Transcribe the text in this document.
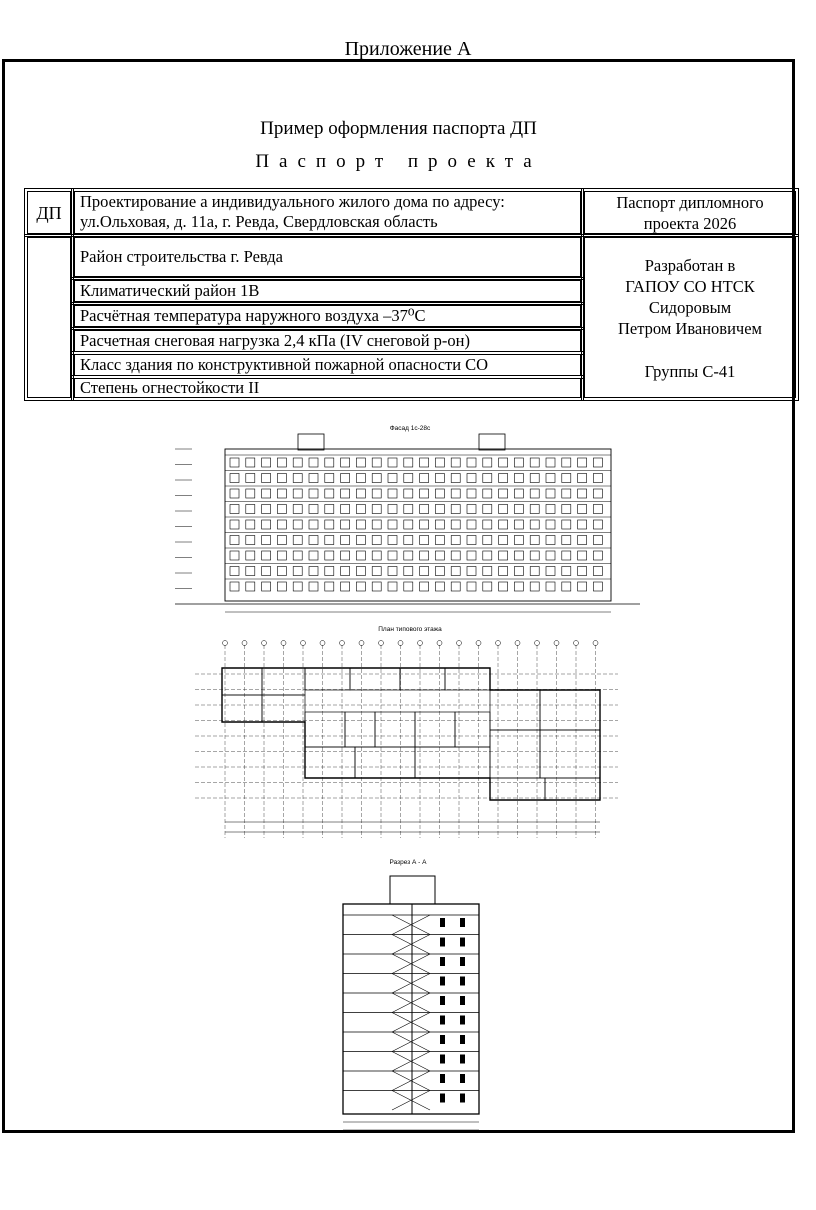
Приложение А
Пример оформления паспорта ДП
Паспорт проекта
ДП
Проектирование а индивидуального жилого дома по адресу:
ул.Ольховая, д. 11а, г. Ревда, Свердловская область
Паспорт дипломного
проекта 2026
Район строительства г. Ревда
Климатический район 1В
Расчётная температура наружного воздуха –37⁰С
Расчетная снеговая нагрузка 2,4 кПа (IV снеговой р-он)
Класс здания по конструктивной пожарной опасности СО
Степень огнестойкости II
Разработан в
ГАПОУ СО НТСК
Сидоровым
Петром Ивановичем
Группы С-41
Фасад 1с-28с
План типового этажа
Разрез А - А
